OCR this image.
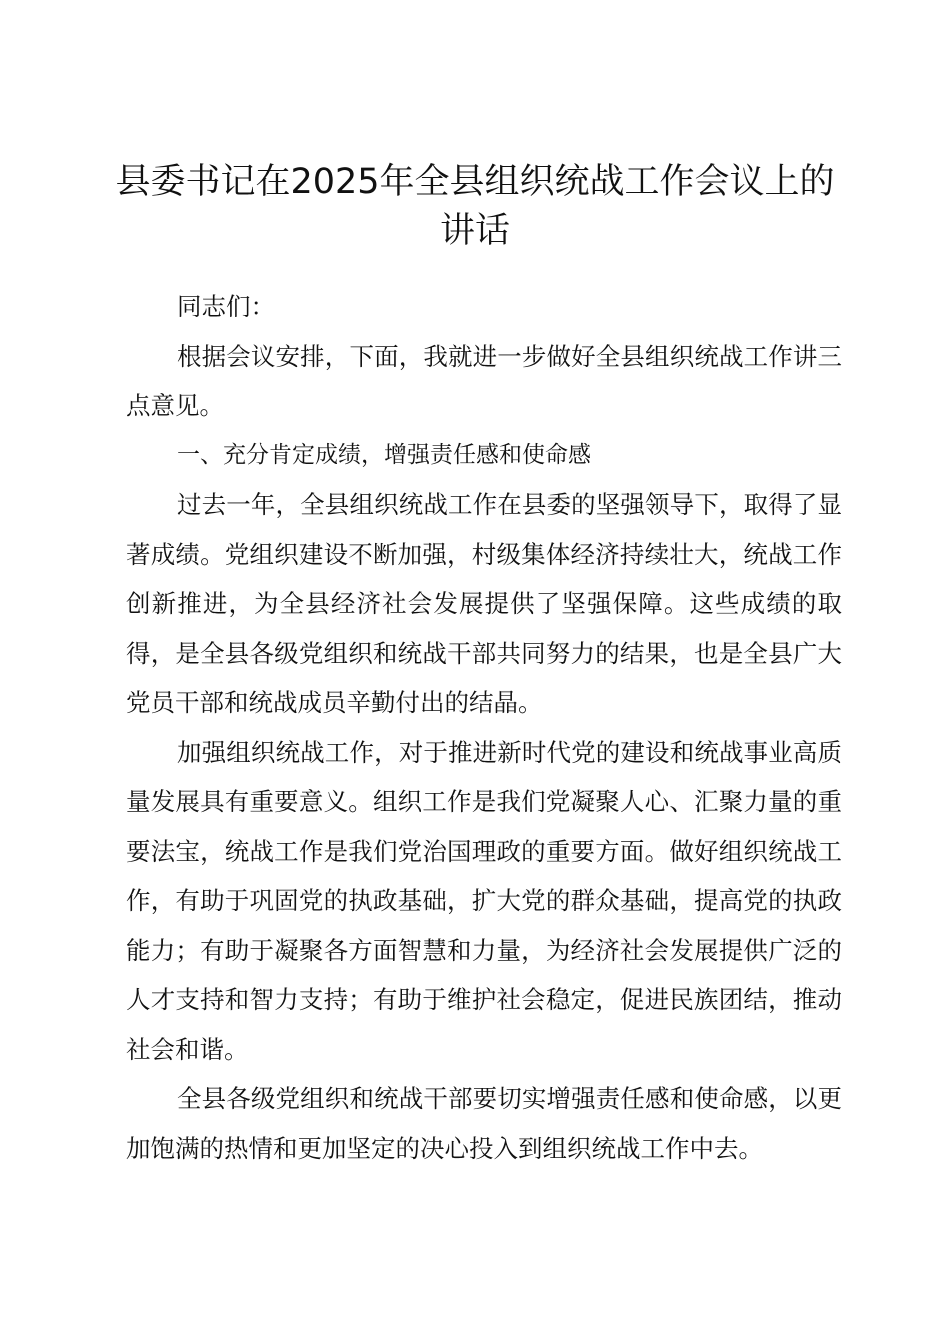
县委书记在2025年全县组织统战工作会议上的讲话

同志们：

根据会议安排，下面，我就进一步做好全县组织统战工作讲三点意见。

一、充分肯定成绩，增强责任感和使命感

过去一年，全县组织统战工作在县委的坚强领导下，取得了显著成绩。党组织建设不断加强，村级集体经济持续壮大，统战工作创新推进，为全县经济社会发展提供了坚强保障。这些成绩的取得，是全县各级党组织和统战干部共同努力的结果，也是全县广大党员干部和统战成员辛勤付出的结晶。

加强组织统战工作，对于推进新时代党的建设和统战事业高质量发展具有重要意义。组织工作是我们党凝聚人心、汇聚力量的重要法宝，统战工作是我们党治国理政的重要方面。做好组织统战工作，有助于巩固党的执政基础，扩大党的群众基础，提高党的执政能力；有助于凝聚各方面智慧和力量，为经济社会发展提供广泛的人才支持和智力支持；有助于维护社会稳定，促进民族团结，推动社会和谐。

全县各级党组织和统战干部要切实增强责任感和使命感，以更加饱满的热情和更加坚定的决心投入到组织统战工作中去。
